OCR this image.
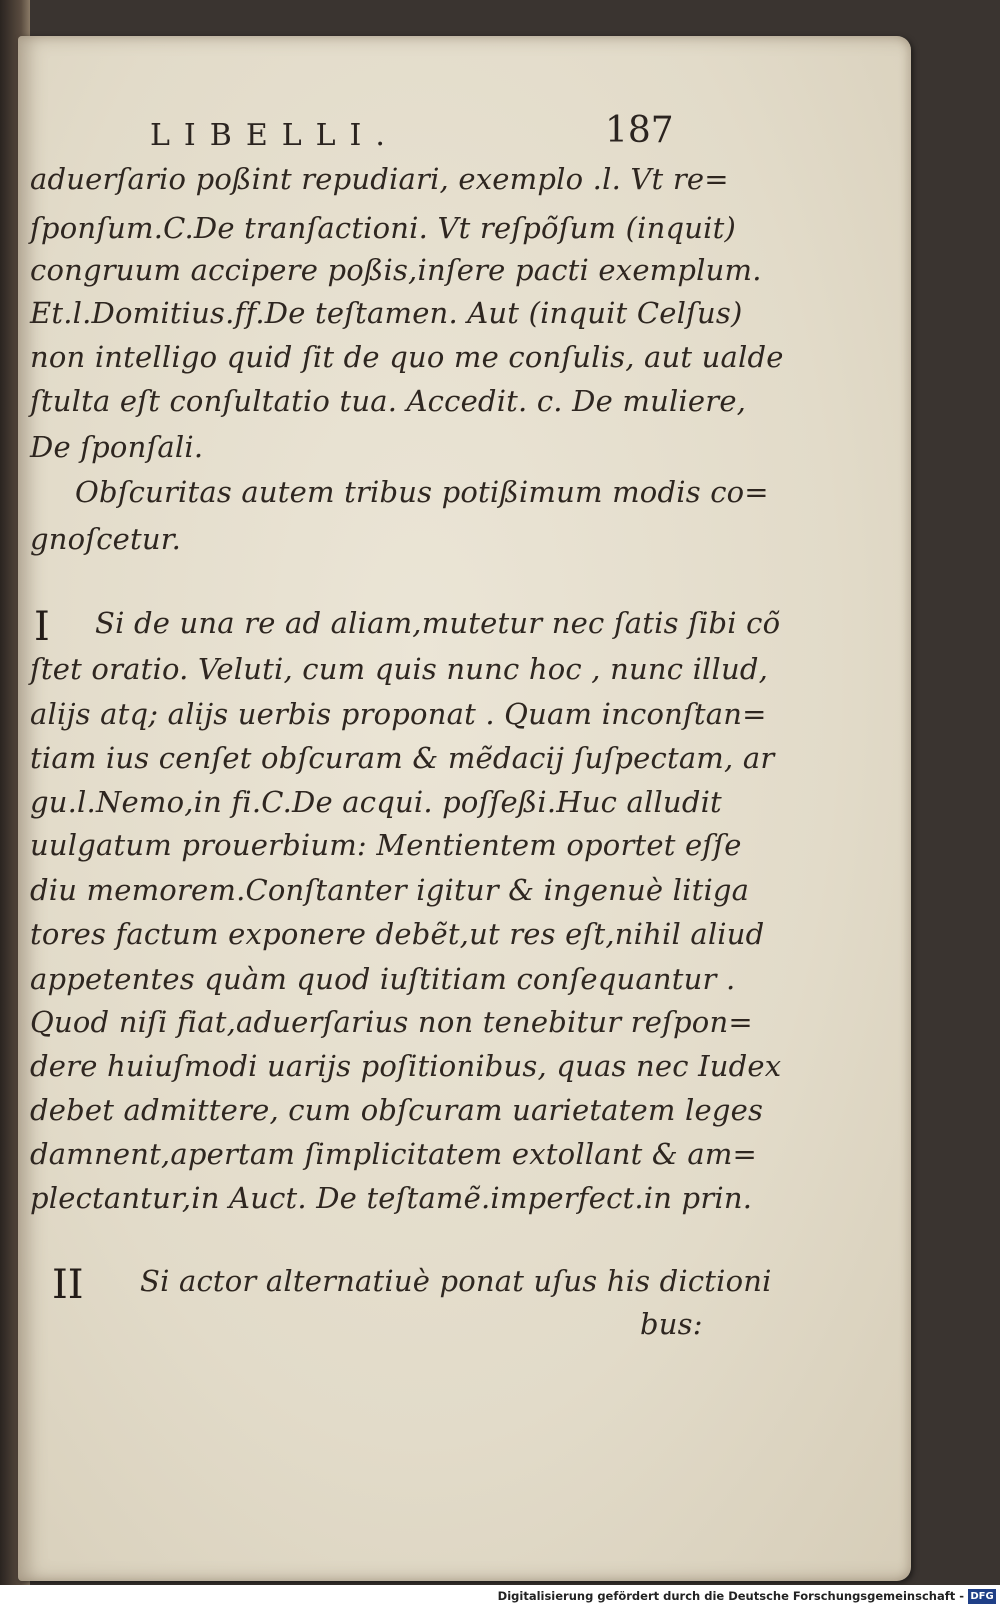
LIBELLI.	187
aduerſario poßint repudiari, exemplo .l. Vt re=
ſponſum.C.De tranſactioni. Vt reſpõſum (inquit)
congruum accipere poßis,inſere pacti exemplum.
Et.l.Domitius.ff.De teſtamen. Aut (inquit Celſus)
non intelligo quid ſit de quo me conſulis, aut ualde
ſtulta eſt conſultatio tua. Accedit. c. De muliere,
De ſponſali.
Obſcuritas autem tribus potißimum modis co=
gnoſcetur.
I Si de una re ad aliam,mutetur nec ſatis ſibi cõ
ſtet oratio. Veluti, cum quis nunc hoc , nunc illud,
alijs atq; alijs uerbis proponat . Quam inconſtan=
tiam ius cenſet obſcuram & mẽdacij ſuſpectam, ar
gu.l.Nemo,in fi.C.De acqui. poſſeßi.Huc alludit
uulgatum prouerbium: Mentientem oportet eſſe
diu memorem.Conſtanter igitur & ingenuè litiga
tores factum exponere debẽt,ut res eſt,nihil aliud
appetentes quàm quod iuſtitiam conſequantur .
Quod niſi fiat,aduerſarius non tenebitur reſpon=
dere huiuſmodi uarijs poſitionibus, quas nec Iudex
debet admittere, cum obſcuram uarietatem leges
damnent,apertam ſimplicitatem extollant & am=
plectantur,in Auct. De teſtamẽ.imperfect.in prin.
II Si actor alternatiuè ponat uſus his dictioni
bus:
Digitalisierung gefördert durch die Deutsche Forschungsgemeinschaft - DFG
